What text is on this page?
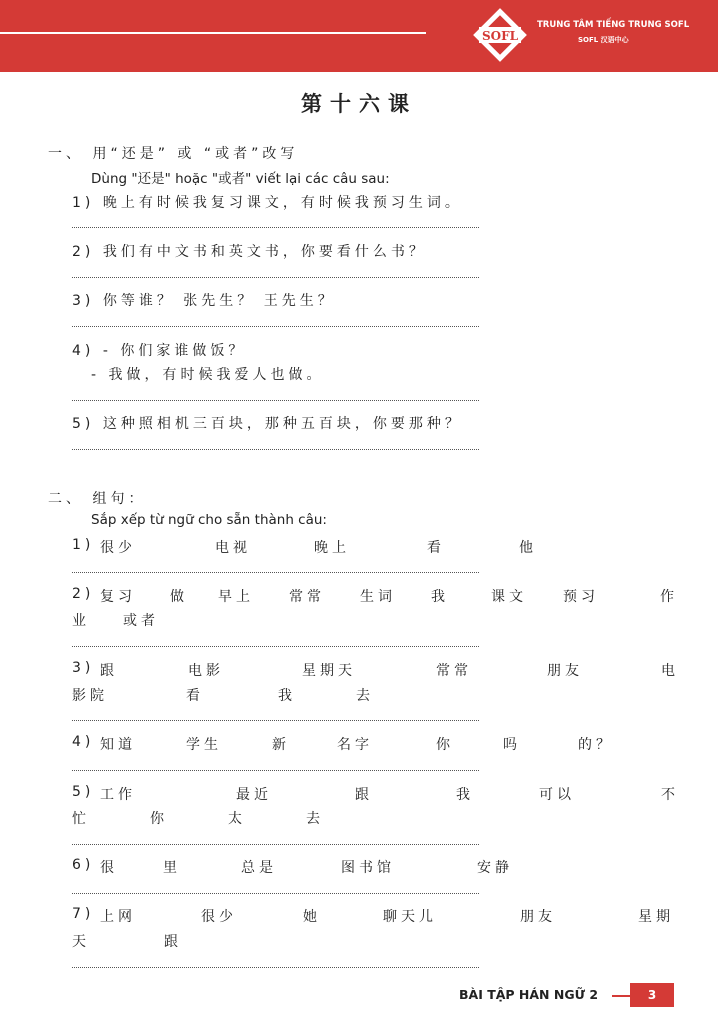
SOFL
TRUNG TÂM TIẾNG TRUNG SOFL
SOFL 汉语中心
第十六课
一、 用“还是” 或 “或者”改写
Dùng "还是" hoặc "或者" viết lại các câu sau:
1) 晚上有时候我复习课文，有时候我预习生词。
2) 我们有中文书和英文书，你要看什么书？
3) 你等谁？ 张先生？ 王先生？
4) - 你们家谁做饭？
- 我做，有时候我爱人也做。
5) 这种照相机三百块，那种五百块，你要那种？
二、 组句：
Sắp xếp từ ngữ cho sẵn thành câu:
1) 很少	电视	晚上	看	他
2) 复习 做 早上	常常	生词	我	课文	预习	作
业 或者
3) 跟	电影	星期天	常常	朋友	电
影院	看	我	去
4) 知道	学生	新	名字	你	吗	的？
5) 工作	最近	跟	我	可以	不
忙	你	太	去
6) 很	里	总是	图书馆	安静
7) 上网	很少	她	聊天儿	朋友	星期
天	跟
BÀI TẬP HÁN NGỮ 2	3
